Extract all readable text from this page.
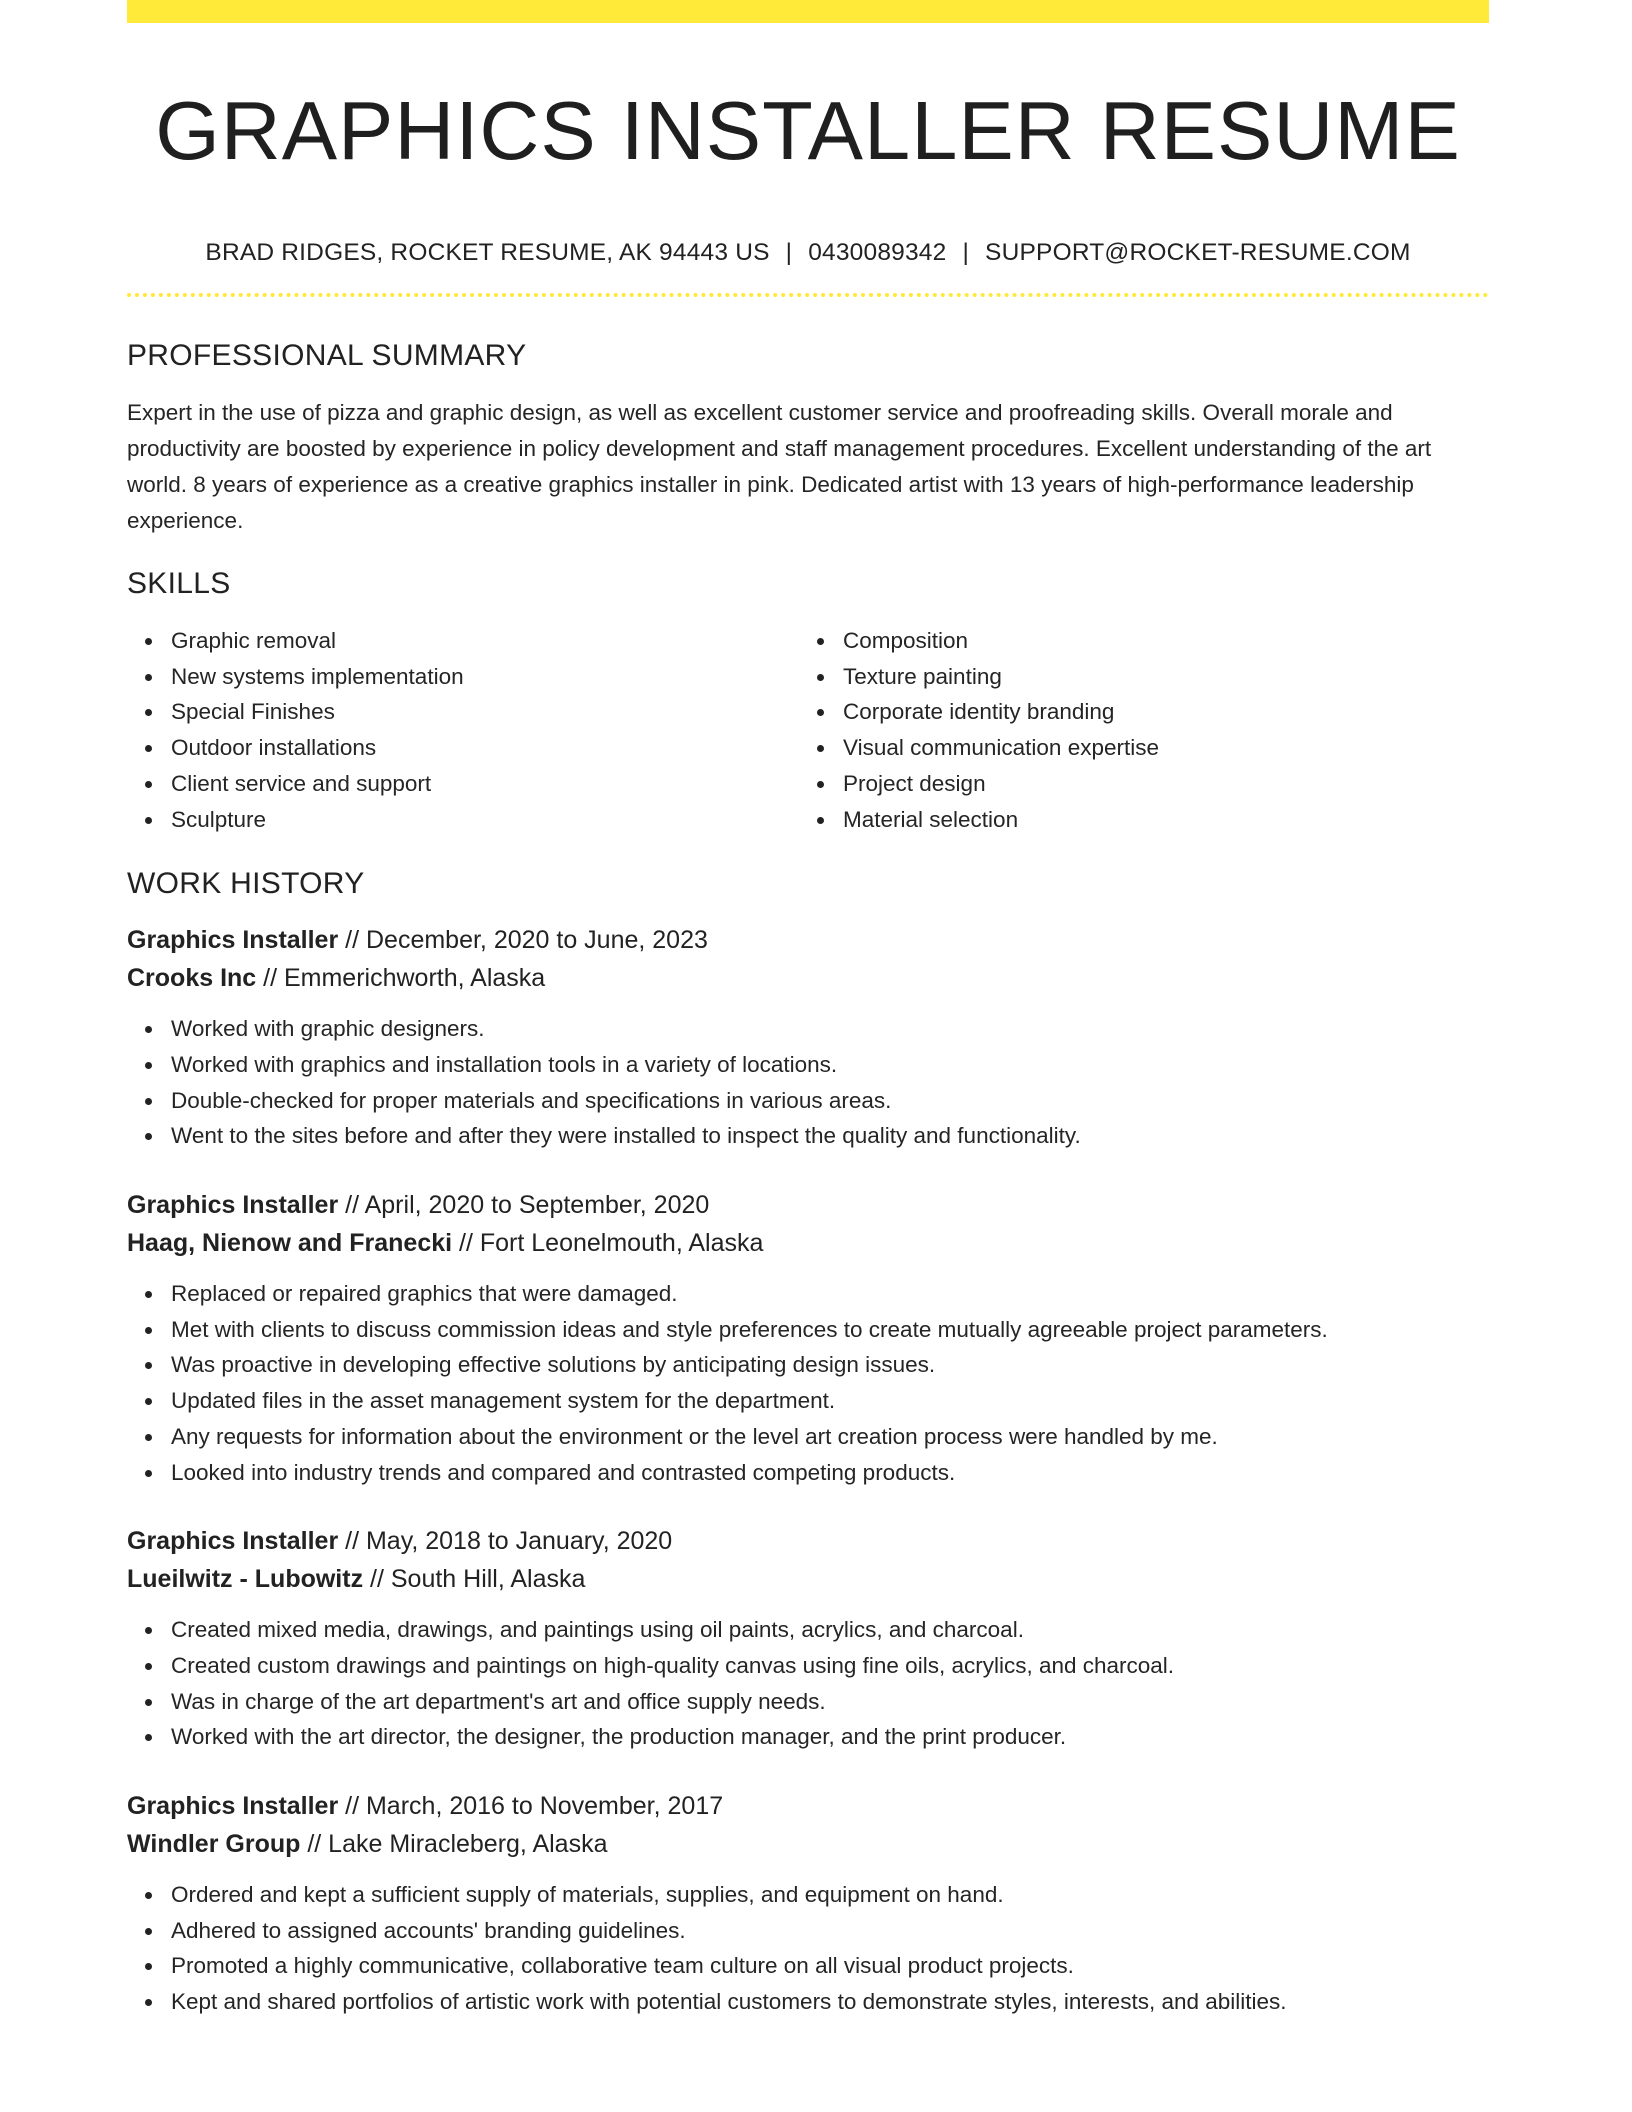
GRAPHICS INSTALLER RESUME
BRAD RIDGES, ROCKET RESUME, AK 94443 US | 0430089342 | SUPPORT@ROCKET-RESUME.COM
PROFESSIONAL SUMMARY

Expert in the use of pizza and graphic design, as well as excellent customer service and proofreading skills. Overall morale and productivity are boosted by experience in policy development and staff management procedures. Excellent understanding of the art world. 8 years of experience as a creative graphics installer in pink. Dedicated artist with 13 years of high-performance leadership experience.

SKILLS
Graphic removal
New systems implementation
Special Finishes
Outdoor installations
Client service and support
Sculpture
Composition
Texture painting
Corporate identity branding
Visual communication expertise
Project design
Material selection
WORK HISTORY
Graphics Installer // December, 2020 to June, 2023
Crooks Inc // Emmerichworth, Alaska
Worked with graphic designers.
Worked with graphics and installation tools in a variety of locations.
Double-checked for proper materials and specifications in various areas.
Went to the sites before and after they were installed to inspect the quality and functionality.
Graphics Installer // April, 2020 to September, 2020
Haag, Nienow and Franecki // Fort Leonelmouth, Alaska
Replaced or repaired graphics that were damaged.
Met with clients to discuss commission ideas and style preferences to create mutually agreeable project parameters.
Was proactive in developing effective solutions by anticipating design issues.
Updated files in the asset management system for the department.
Any requests for information about the environment or the level art creation process were handled by me.
Looked into industry trends and compared and contrasted competing products.
Graphics Installer // May, 2018 to January, 2020
Lueilwitz - Lubowitz // South Hill, Alaska
Created mixed media, drawings, and paintings using oil paints, acrylics, and charcoal.
Created custom drawings and paintings on high-quality canvas using fine oils, acrylics, and charcoal.
Was in charge of the art department's art and office supply needs.
Worked with the art director, the designer, the production manager, and the print producer.
Graphics Installer // March, 2016 to November, 2017
Windler Group // Lake Miracleberg, Alaska
Ordered and kept a sufficient supply of materials, supplies, and equipment on hand.
Adhered to assigned accounts' branding guidelines.
Promoted a highly communicative, collaborative team culture on all visual product projects.
Kept and shared portfolios of artistic work with potential customers to demonstrate styles, interests, and abilities.
